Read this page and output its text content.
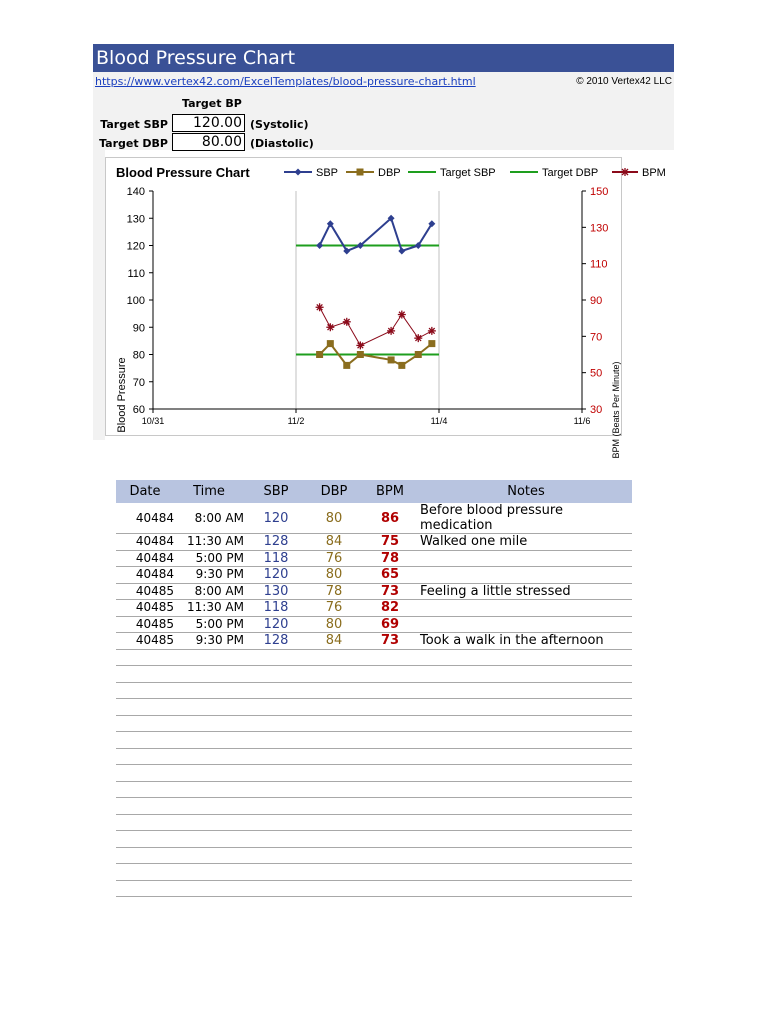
Blood Pressure Chart
https://www.vertex42.com/ExcelTemplates/blood-pressure-chart.html	© 2010 Vertex42 LLC
Target BP
Target SBP	120.00 (Systolic)
Target DBP	80.00 (Diastolic)
Blood Pressure Chart	SBP	DBP	Target SBP	Target DBP	BPM
10/31	11/2	11/4	11/6
60
70
80
90
100
110
120
130
140
30
50
70
90
110
130
150
Blood Pressure	BPM (Beats Per Minute)
Date	Time	SBP	DBP	BPM	Notes
40484	8:00 AM	120	80	86	Before blood pressure medication
40484	11:30 AM	128	84	75	Walked one mile
40484	5:00 PM	118	76	78	
40484	9:30 PM	120	80	65	
40485	8:00 AM	130	78	73	Feeling a little stressed
40485	11:30 AM	118	76	82	
40485	5:00 PM	120	80	69	
40485	9:30 PM	128	84	73	Took a walk in the afternoon
